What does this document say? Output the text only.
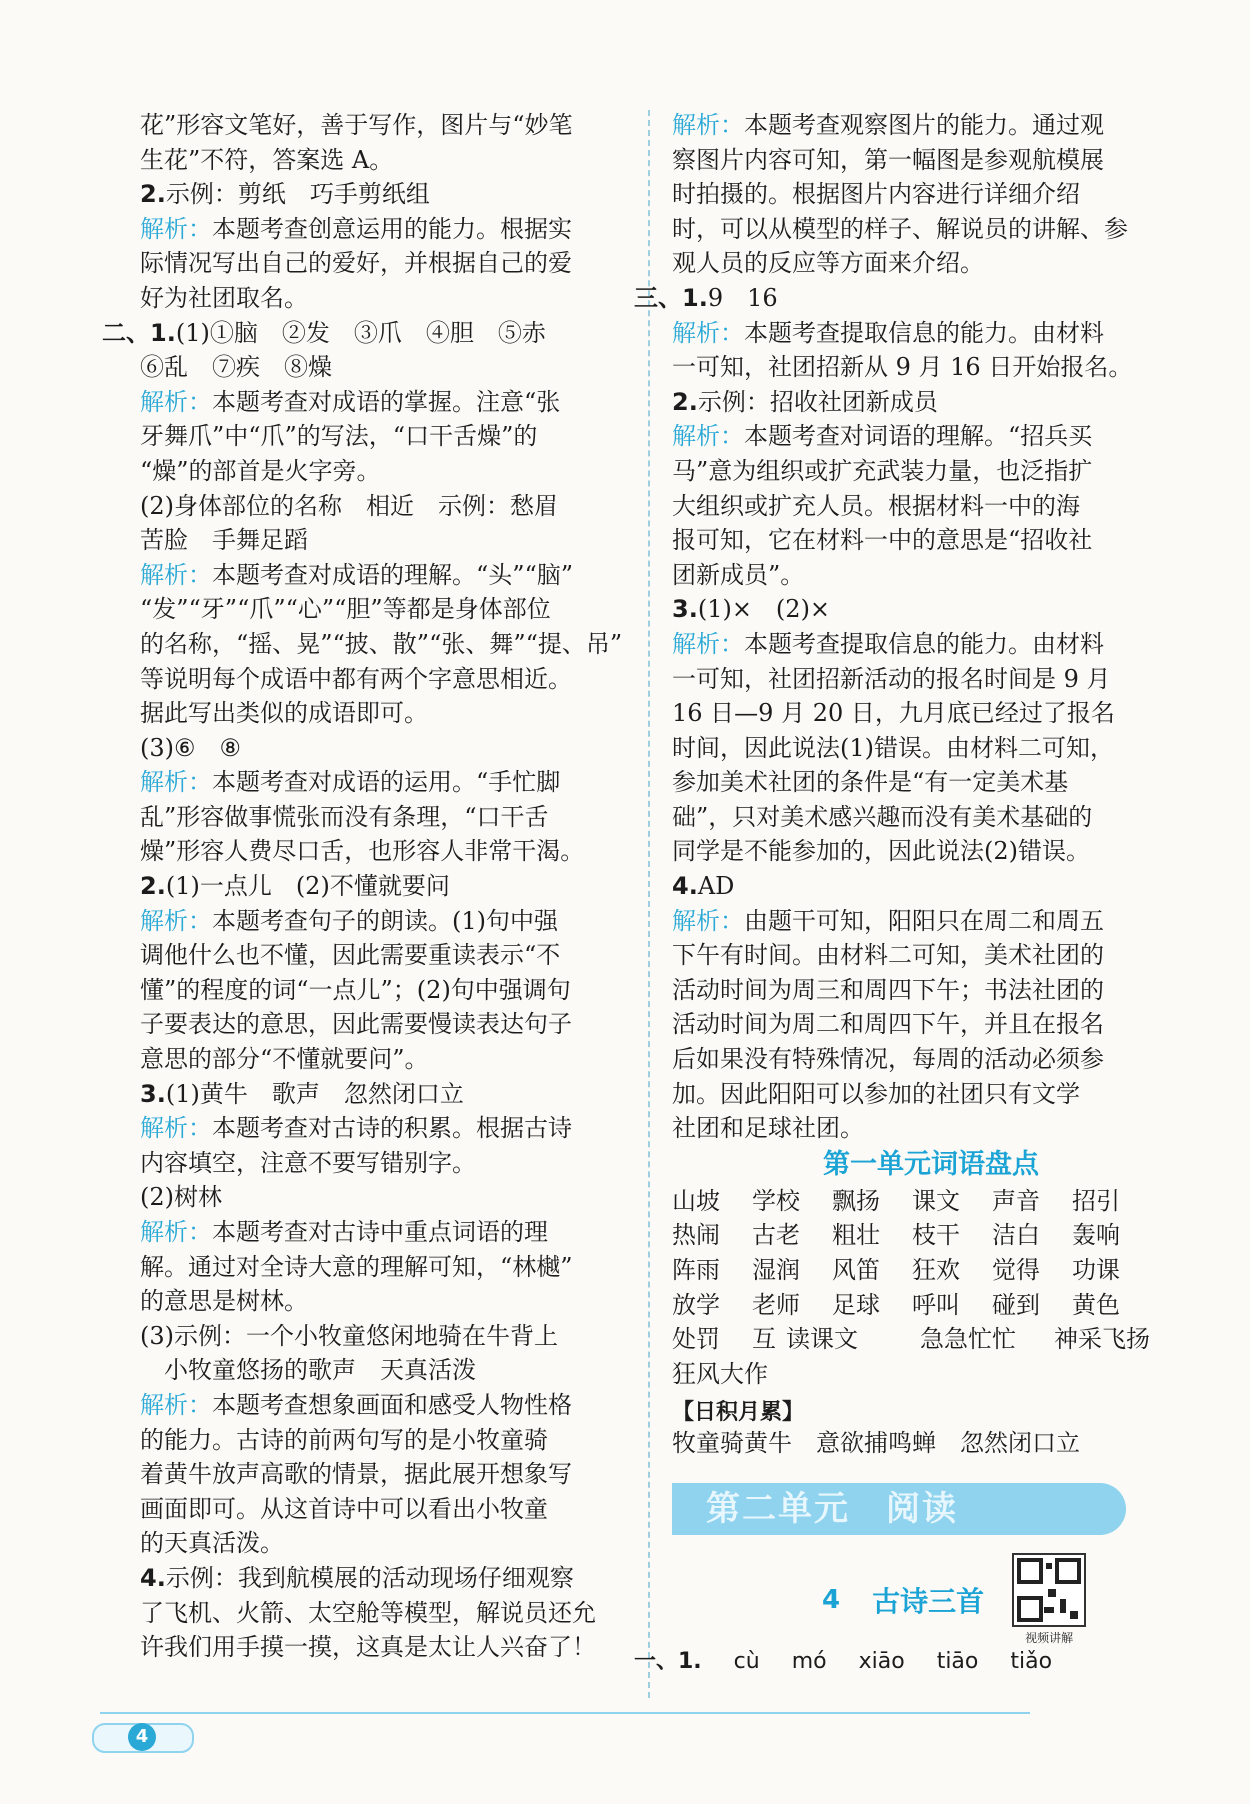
花”形容文笔好，善于写作，图片与“妙笔
生花”不符，答案选 A。
2.示例：剪纸　巧手剪纸组
解析：本题考查创意运用的能力。根据实
际情况写出自己的爱好，并根据自己的爱
好为社团取名。
二、1.(1)①脑　②发　③爪　④胆　⑤赤
⑥乱　⑦疾　⑧燥
解析：本题考查对成语的掌握。注意“张
牙舞爪”中“爪”的写法，“口干舌燥”的
“燥”的部首是火字旁。
(2)身体部位的名称　相近　示例：愁眉
苦脸　手舞足蹈
解析：本题考查对成语的理解。“头”“脑”
“发”“牙”“爪”“心”“胆”等都是身体部位
的名称，“摇、晃”“披、散”“张、舞”“提、吊”
等说明每个成语中都有两个字意思相近。
据此写出类似的成语即可。
(3)⑥　⑧
解析：本题考查对成语的运用。“手忙脚
乱”形容做事慌张而没有条理，“口干舌
燥”形容人费尽口舌，也形容人非常干渴。
2.(1)一点儿　(2)不懂就要问
解析：本题考查句子的朗读。(1)句中强
调他什么也不懂，因此需要重读表示“不
懂”的程度的词“一点儿”；(2)句中强调句
子要表达的意思，因此需要慢读表达句子
意思的部分“不懂就要问”。
3.(1)黄牛　歌声　忽然闭口立
解析：本题考查对古诗的积累。根据古诗
内容填空，注意不要写错别字。
(2)树林
解析：本题考查对古诗中重点词语的理
解。通过对全诗大意的理解可知，“林樾”
的意思是树林。
(3)示例：一个小牧童悠闲地骑在牛背上
　小牧童悠扬的歌声　天真活泼
解析：本题考查想象画面和感受人物性格
的能力。古诗的前两句写的是小牧童骑
着黄牛放声高歌的情景，据此展开想象写
画面即可。从这首诗中可以看出小牧童
的天真活泼。
4.示例：我到航模展的活动现场仔细观察
了飞机、火箭、太空舱等模型，解说员还允
许我们用手摸一摸，这真是太让人兴奋了！
解析：本题考查观察图片的能力。通过观
察图片内容可知，第一幅图是参观航模展
时拍摄的。根据图片内容进行详细介绍
时，可以从模型的样子、解说员的讲解、参
观人员的反应等方面来介绍。
三、1.9　16
解析：本题考查提取信息的能力。由材料
一可知，社团招新从 9 月 16 日开始报名。
2.示例：招收社团新成员
解析：本题考查对词语的理解。“招兵买
马”意为组织或扩充武装力量，也泛指扩
大组织或扩充人员。根据材料一中的海
报可知，它在材料一中的意思是“招收社
团新成员”。
3.(1)×　(2)×
解析：本题考查提取信息的能力。由材料
一可知，社团招新活动的报名时间是 9 月
16 日—9 月 20 日，九月底已经过了报名
时间，因此说法(1)错误。由材料二可知，
参加美术社团的条件是“有一定美术基
础”，只对美术感兴趣而没有美术基础的
同学是不能参加的，因此说法(2)错误。
4.AD
解析：由题干可知，阳阳只在周二和周五
下午有时间。由材料二可知，美术社团的
活动时间为周三和周四下午；书法社团的
活动时间为周二和周四下午，并且在报名
后如果没有特殊情况，每周的活动必须参
加。因此阳阳可以参加的社团只有文学
社团和足球社团。
第一单元词语盘点
山坡	学校	飘扬	课文	声音	招引
热闹	古老	粗壮	枝干	洁白	轰响
阵雨	湿润	风笛	狂欢	觉得	功课
放学	老师	足球	呼叫	碰到	黄色
处罚	互 读课文	急急忙忙	神采飞扬
狂风大作
【日积月累】
牧童骑黄牛　意欲捕鸣蝉　忽然闭口立
第二单元　阅读
4 古诗三首
视频讲解
一、1. cù mó xiāo tiāo tiǎo
4
